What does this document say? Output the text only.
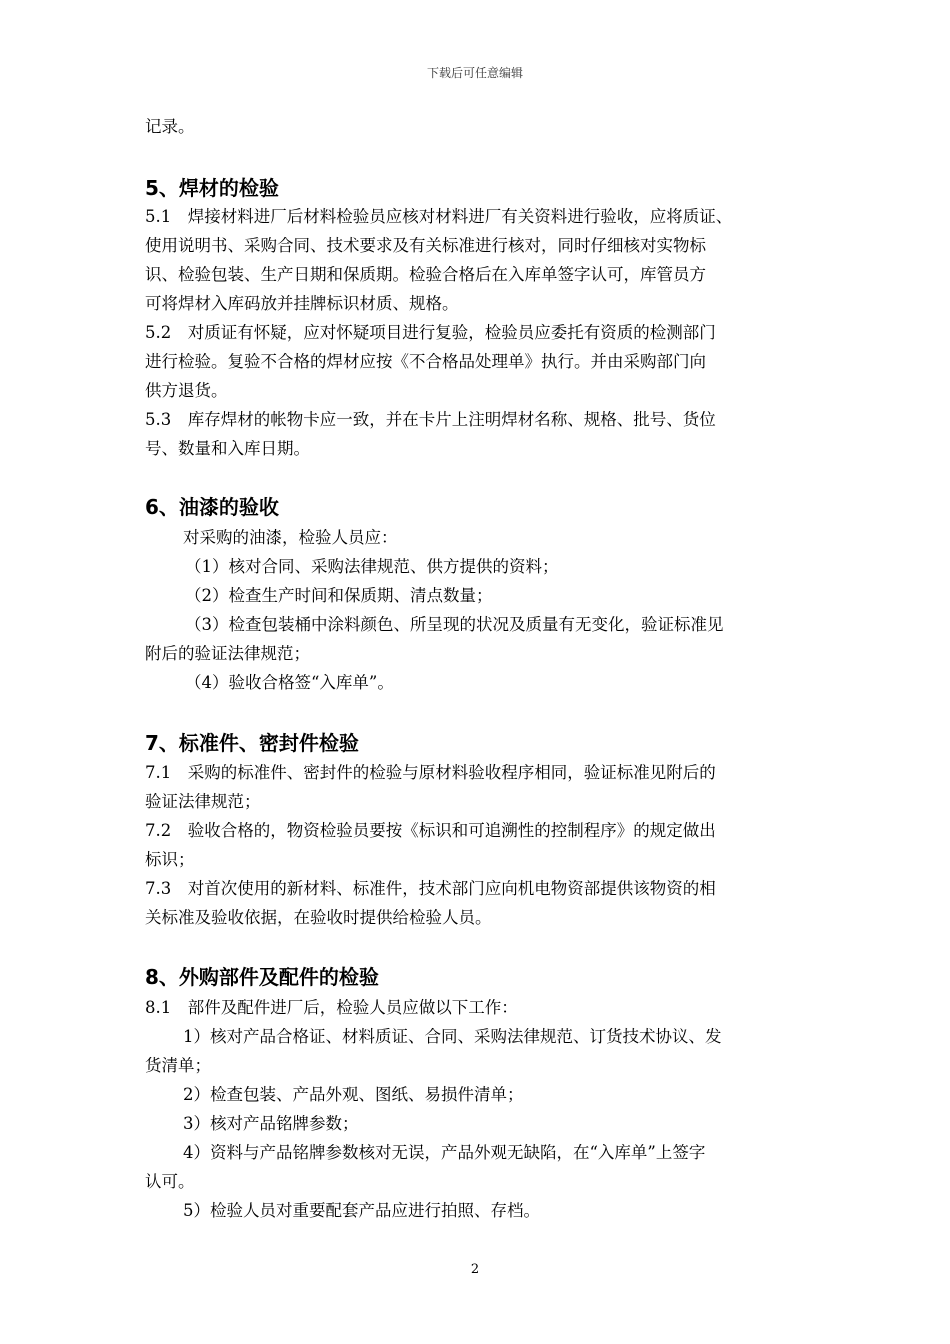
下载后可任意编辑

记录。

5、焊材的检验

5.1　焊接材料进厂后材料检验员应核对材料进厂有关资料进行验收，应将质证、

使用说明书、采购合同、技术要求及有关标准进行核对，同时仔细核对实物标

识、检验包装、生产日期和保质期。检验合格后在入库单签字认可，库管员方

可将焊材入库码放并挂牌标识材质、规格。

5.2　对质证有怀疑，应对怀疑项目进行复验，检验员应委托有资质的检测部门

进行检验。复验不合格的焊材应按《不合格品处理单》执行。并由采购部门向

供方退货。

5.3　库存焊材的帐物卡应一致，并在卡片上注明焊材名称、规格、批号、货位

号、数量和入库日期。

6、油漆的验收

对采购的油漆，检验人员应：

（1）核对合同、采购法律规范、供方提供的资料；

（2）检查生产时间和保质期、清点数量；

（3）检查包装桶中涂料颜色、所呈现的状况及质量有无变化，验证标准见

附后的验证法律规范；

（4）验收合格签“入库单”。

7、标准件、密封件检验

7.1　采购的标准件、密封件的检验与原材料验收程序相同，验证标准见附后的

验证法律规范；

7.2　验收合格的，物资检验员要按《标识和可追溯性的控制程序》的规定做出

标识；

7.3　对首次使用的新材料、标准件，技术部门应向机电物资部提供该物资的相

关标准及验收依据，在验收时提供给检验人员。

8、外购部件及配件的检验

8.1　部件及配件进厂后，检验人员应做以下工作：

1）核对产品合格证、材料质证、合同、采购法律规范、订货技术协议、发

货清单；

2）检查包装、产品外观、图纸、易损件清单；

3）核对产品铭牌参数；

4）资料与产品铭牌参数核对无误，产品外观无缺陷，在“入库单”上签字

认可。

5）检验人员对重要配套产品应进行拍照、存档。

2
